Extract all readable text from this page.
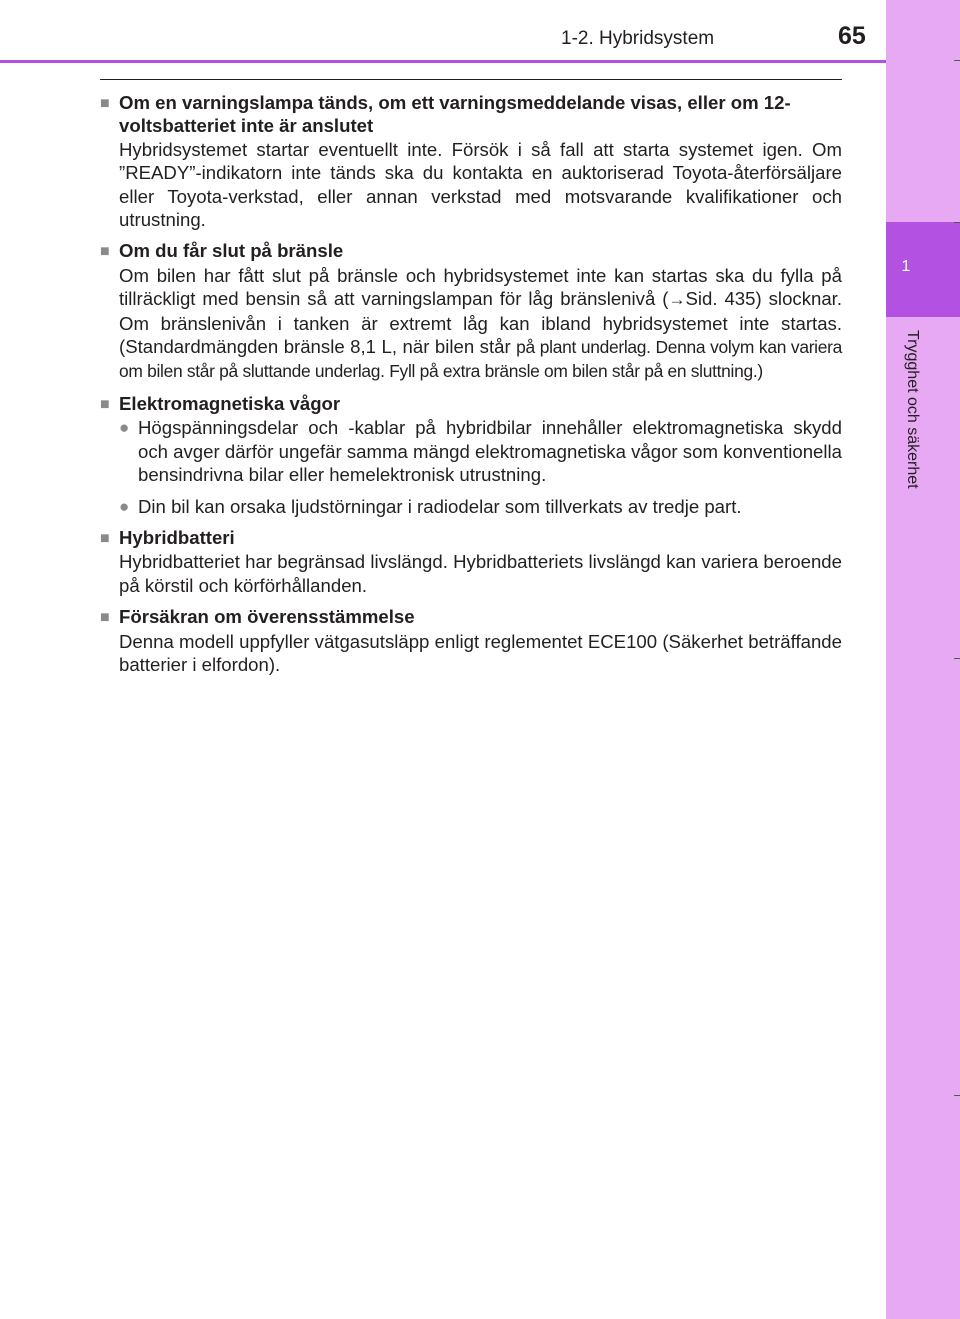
1
Trygghet och säkerhet
1-2. Hybridsystem	65
■ Om en varningslampa tänds, om ett varningsmeddelande visas, eller om 12-voltsbatteriet inte är anslutet

Hybridsystemet startar eventuellt inte. Försök i så fall att starta systemet igen. Om ”READY”-indikatorn inte tänds ska du kontakta en auktoriserad Toyota-återförsäljare eller Toyota-verkstad, eller annan verkstad med motsvarande kvalifikationer och utrustning.

■ Om du får slut på bränsle

Om bilen har fått slut på bränsle och hybridsystemet inte kan startas ska du fylla på tillräckligt med bensin så att varningslampan för låg bränslenivå (→Sid. 435) slocknar. Om bränslenivån i tanken är extremt låg kan ibland hybridsystemet inte startas. (Standardmängden bränsle 8,1 L, när bilen står på plant underlag. Denna volym kan variera om bilen står på sluttande underlag. Fyll på extra bränsle om bilen står på en sluttning.)

■ Elektromagnetiska vågor
● Högspänningsdelar och -kablar på hybridbilar innehåller elektromagnetiska skydd och avger därför ungefär samma mängd elektromagnetiska vågor som konventionella bensindrivna bilar eller hemelektronisk utrustning.
● Din bil kan orsaka ljudstörningar i radiodelar som tillverkats av tredje part.
■ Hybridbatteri

Hybridbatteriet har begränsad livslängd. Hybridbatteriets livslängd kan variera beroende på körstil och körförhållanden.

■ Försäkran om överensstämmelse

Denna modell uppfyller vätgasutsläpp enligt reglementet ECE100 (Säkerhet beträffande batterier i elfordon).
